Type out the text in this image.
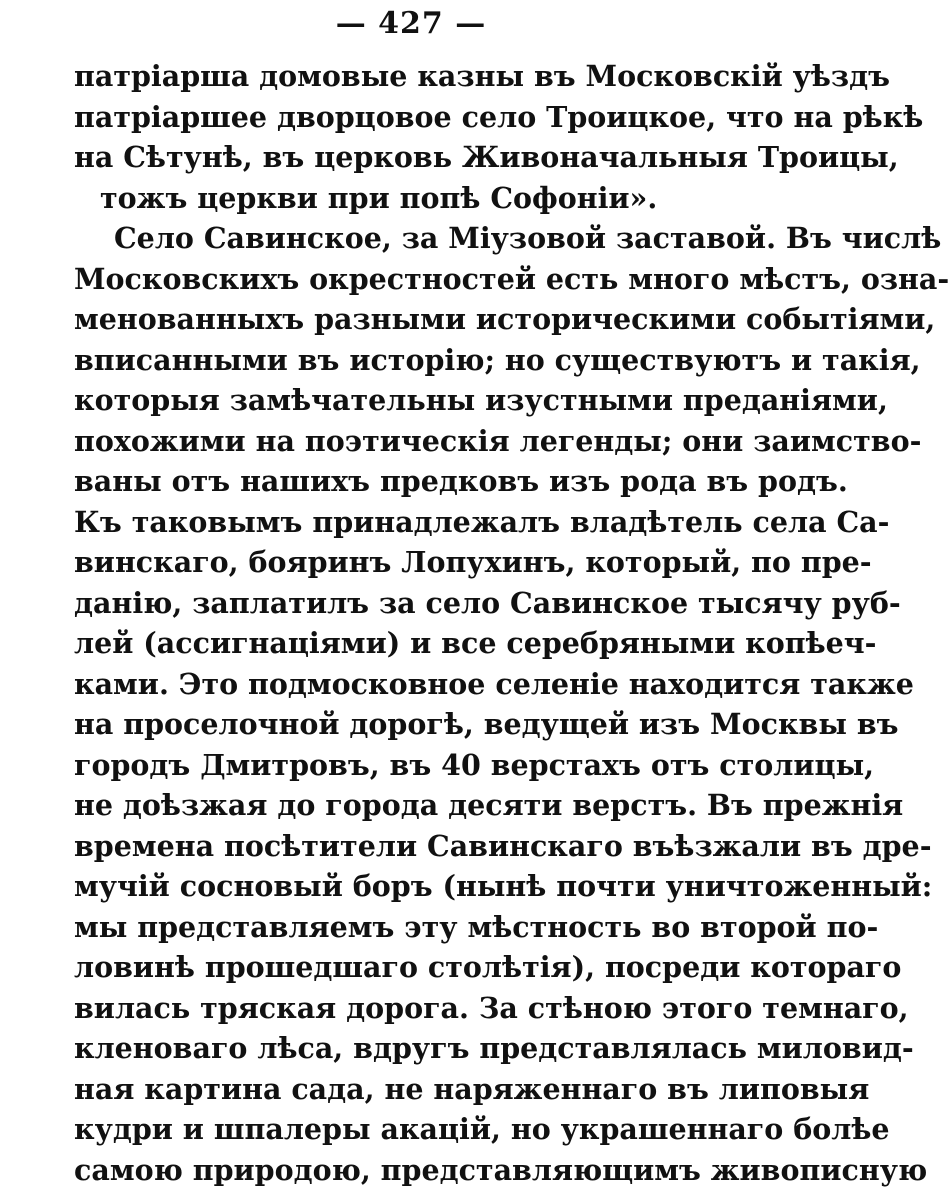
— 427 —
патріарша домовые казны въ Московскій уѣздъ
патріаршее дворцовое село Троицкое, что на рѣкѣ
на Сѣтунѣ, въ церковь Живоначальныя Троицы,
тожъ церкви при попѣ Софоніи».
Село Савинское, за Міузовой заставой. Въ числѣ
Московскихъ окрестностей есть много мѣстъ, озна-
менованныхъ разными историческими событіями,
вписанными въ исторію; но существуютъ и такія,
которыя замѣчательны изустными преданіями,
похожими на поэтическія легенды; они заимство-
ваны отъ нашихъ предковъ изъ рода въ родъ.
Къ таковымъ принадлежалъ владѣтель села Са-
винскаго, бояринъ Лопухинъ, который, по пре-
данію, заплатилъ за село Савинское тысячу руб-
лей (ассигнаціями) и все серебряными копѣеч-
ками. Это подмосковное селеніе находится также
на проселочной дорогѣ, ведущей изъ Москвы въ
городъ Дмитровъ, въ 40 верстахъ отъ столицы,
не доѣзжая до города десяти верстъ. Въ прежнія
времена посѣтители Савинскаго въѣзжали въ дре-
мучій сосновый боръ (нынѣ почти уничтоженный:
мы представляемъ эту мѣстность во второй по-
ловинѣ прошедшаго столѣтія), посреди котораго
вилась тряская дорога. За стѣною этого темнаго,
кленоваго лѣса, вдругъ представлялась миловид-
ная картина сада, не наряженнаго въ липовыя
кудри и шпалеры акацій, но украшеннаго болѣе
самою природою, представляющимъ живописную
